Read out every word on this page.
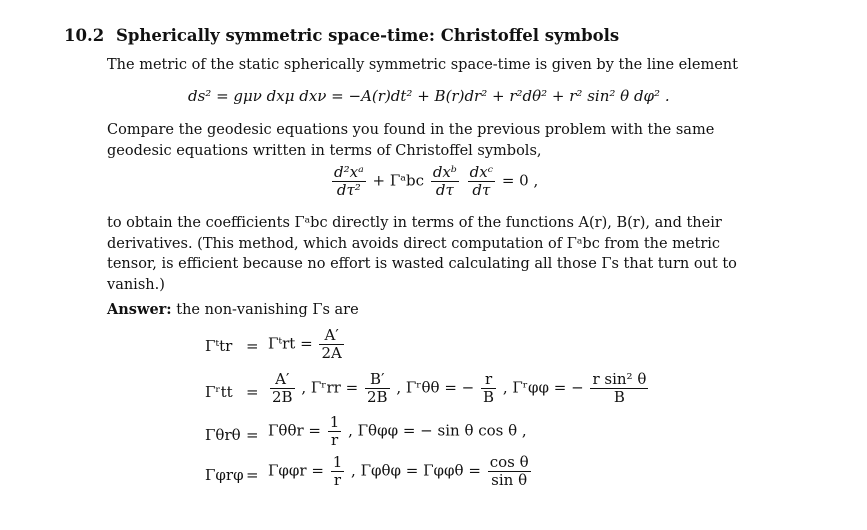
10.2 Spherically symmetric space-time: Christoffel symbols
The metric of the static spherically symmetric space-time is given by the line element
ds² = gμν dxμ dxν = −A(r)dt² + B(r)dr² + r²dθ² + r² sin² θ dφ² .
Compare the geodesic equations you found in the previous problem with the same
geodesic equations written in terms of Christoffel symbols,
$\frac{\text{d²xᵃ}}{\text{dτ²}}$ + Γᵃbc $\frac{\text{dxᵇ}}{d\tau}$
$\frac{\text{dxᶜ}}{d\tau} = 0$ ,
to obtain the coefficients Γᵃbc directly in terms of the functions A(r), B(r), and their
derivatives. (This method, which avoids direct computation of Γᵃbc from the metric
tensor, is efficient because no effort is wasted calculating all those Γs that turn out to
vanish.)
Answer: the non-vanishing Γs are
Γᵗtr = Γᵗrt = $\frac{A'}{2A}$
Γʳtt = $\frac{A'}{2B}$ , Γʳrr = $\frac{B'}{2B}$ , Γʳθθ = − $\frac{r}{B}$ , Γʳφφ = − $\frac{\text{r sin² θ}}{B}$
$\Gamma\theta r\theta = \Gamma\theta\theta r = \frac{1}{r}$ , Γθφφ = − sin θ cos θ ,
$\Gamma\varphi r\varphi = \Gamma\varphi\varphi r = \frac{1}{r}$ , $\Gamma\varphi\theta\varphi = \Gamma\varphi\varphi\theta = \frac{\text{cos θ}}{\text{sin θ}}$
